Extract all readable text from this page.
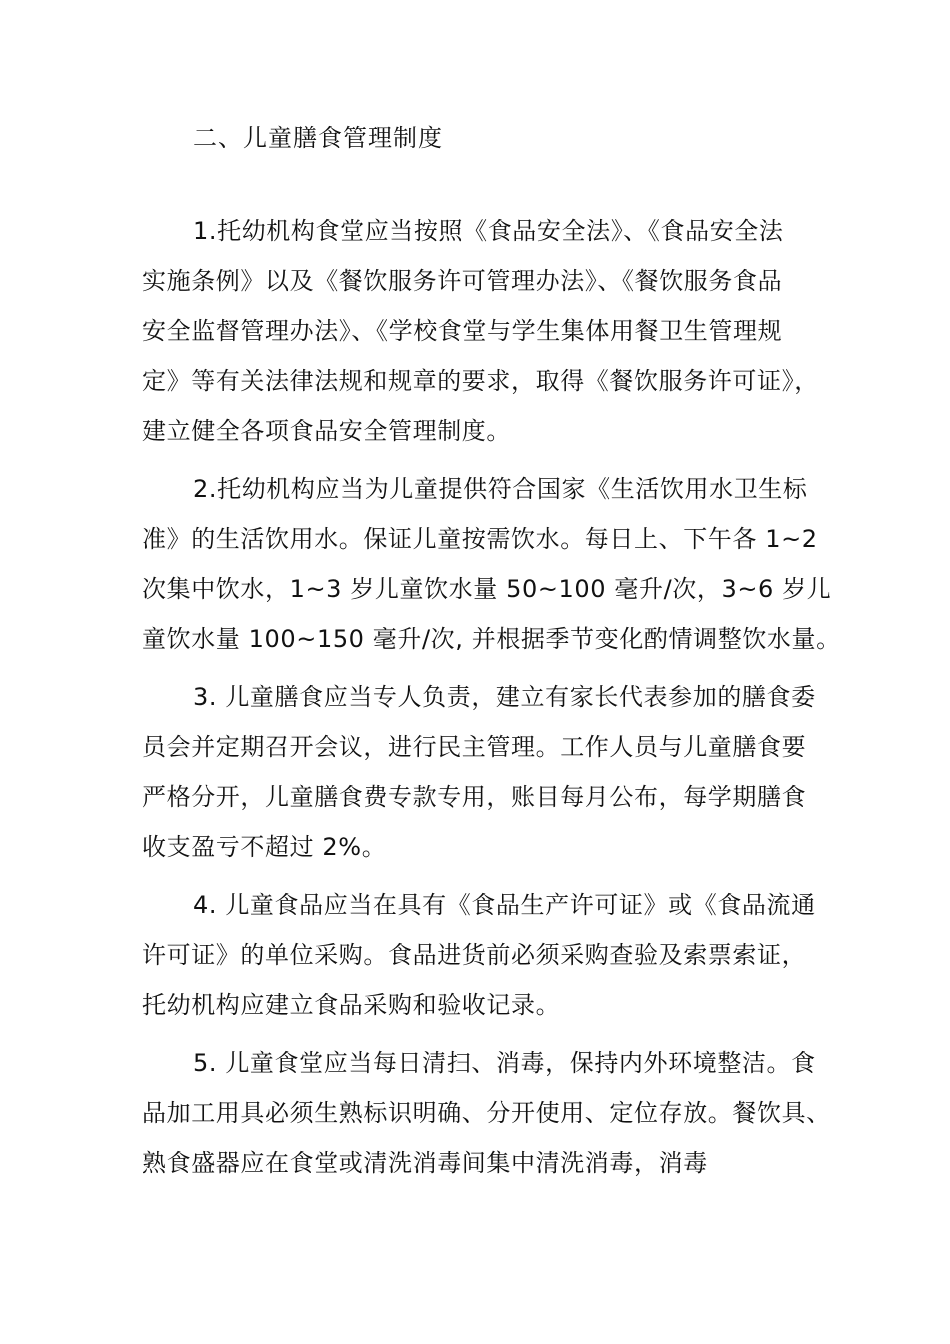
二、儿童膳食管理制度
1.托幼机构食堂应当按照《食品安全法》、《食品安全法
实施条例》以及《餐饮服务许可管理办法》、《餐饮服务食品
安全监督管理办法》、《学校食堂与学生集体用餐卫生管理规
定》等有关法律法规和规章的要求，取得《餐饮服务许可证》，
建立健全各项食品安全管理制度。
2.托幼机构应当为儿童提供符合国家《生活饮用水卫生标
准》的生活饮用水。保证儿童按需饮水。每日上、下午各 1~2
次集中饮水，1~3 岁儿童饮水量 50~100 毫升/次，3~6 岁儿
童饮水量 100~150 毫升/次, 并根据季节变化酌情调整饮水量。
3. 儿童膳食应当专人负责，建立有家长代表参加的膳食委
员会并定期召开会议，进行民主管理。工作人员与儿童膳食要
严格分开，儿童膳食费专款专用，账目每月公布，每学期膳食
收支盈亏不超过 2%。
4. 儿童食品应当在具有《食品生产许可证》或《食品流通
许可证》的单位采购。食品进货前必须采购查验及索票索证，
托幼机构应建立食品采购和验收记录。
5. 儿童食堂应当每日清扫、消毒，保持内外环境整洁。食
品加工用具必须生熟标识明确、分开使用、定位存放。餐饮具、
熟食盛器应在食堂或清洗消毒间集中清洗消毒，消毒
